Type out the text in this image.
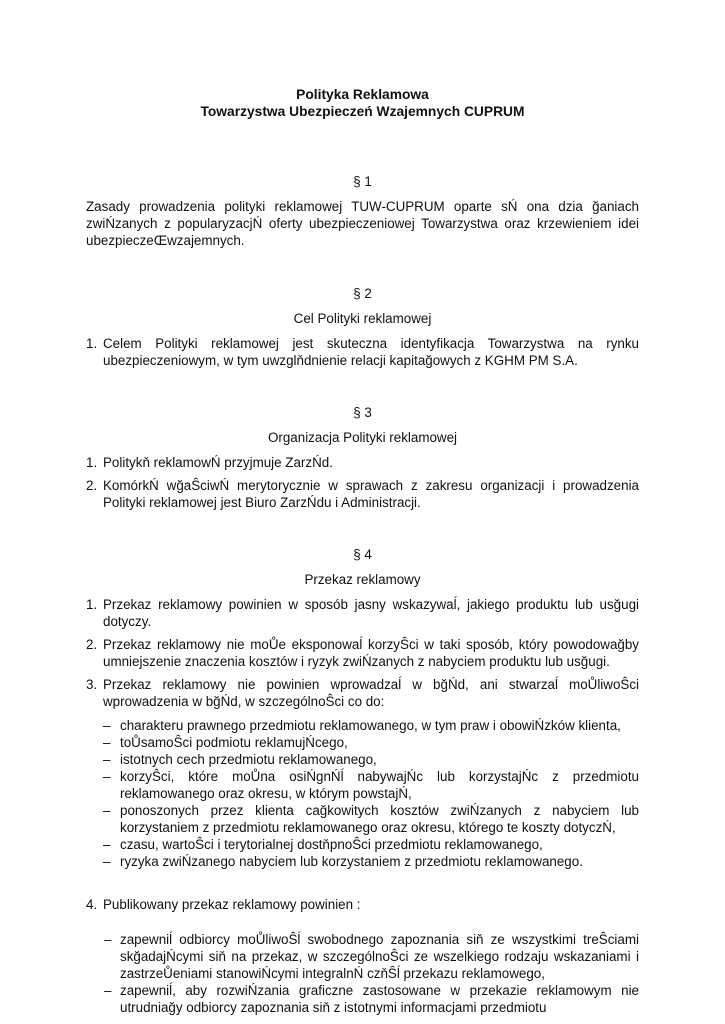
Polityka Reklamowa
Towarzystwa Ubezpieczeń Wzajemnych CUPRUM
§ 1
Zasady prowadzenia polityki reklamowej TUW-CUPRUM oparte sŃ ona dzia ğaniach zwiŃzanych z popularyzacjŃ oferty ubezpieczeniowej Towarzystwa oraz krzewieniem idei ubezpieczeŒwzajemnych.
§ 2
Cel Polityki reklamowej
1. Celem Polityki reklamowej jest skuteczna identyfikacja Towarzystwa na rynku ubezpieczeniowym, w tym uwzglňdnienie relacji kapitağowych z KGHM PM S.A.
§ 3
Organizacja Polityki reklamowej
1. Politykň reklamowŃ przyjmuje ZarzŃd.
2. KomórkŃ wğaŜciwŃ merytorycznie w sprawach z zakresu organizacji i prowadzenia Polityki reklamowej jest Biuro ZarzŃdu i Administracji.
§ 4
Przekaz reklamowy
1. Przekaz reklamowy powinien w sposób jasny wskazywaĺ, jakiego produktu lub usğugi dotyczy.
2. Przekaz reklamowy nie moŮe eksponowaĺ korzyŜci w taki sposób, który powodowağby umniejszenie znaczenia kosztów i ryzyk zwiŃzanych z nabyciem produktu lub usğugi.
3. Przekaz reklamowy nie powinien wprowadzaĺ w bğŃd, ani stwarzaĺ moŮliwoŜci wprowadzenia w bğŃd, w szczególnoŜci co do:
– charakteru prawnego przedmiotu reklamowanego, w tym praw i obowiŃzków klienta,
– toŮsamoŜci podmiotu reklamujŃcego,
– istotnych cech przedmiotu reklamowanego,
– korzyŜci, które moŮna osiŃgnŃĺ nabywajŃc lub korzystajŃc z przedmiotu reklamowanego oraz okresu, w którym powstajŃ,
– ponoszonych przez klienta cağkowitych kosztów zwiŃzanych z nabyciem lub korzystaniem z przedmiotu reklamowanego oraz okresu, którego te koszty dotyczŃ,
– czasu, wartoŜci i terytorialnej dostňpnoŜci przedmiotu reklamowanego,
– ryzyka zwiŃzanego nabyciem lub korzystaniem z przedmiotu reklamowanego.
4. Publikowany przekaz reklamowy powinien :
– zapewniĺ odbiorcy moŮliwoŜĺ swobodnego zapoznania siň ze wszystkimi treŜciami skğadajŃcymi siň na przekaz, w szczególnoŜci ze wszelkiego rodzaju wskazaniami i zastrzeŮeniami stanowiŃcymi integralnŃ czňŜĺ przekazu reklamowego,
– zapewniĺ, aby rozwiŃzania graficzne zastosowane w przekazie reklamowym nie utrudniağy odbiorcy zapoznania siň z istotnymi informacjami przedmiotu
